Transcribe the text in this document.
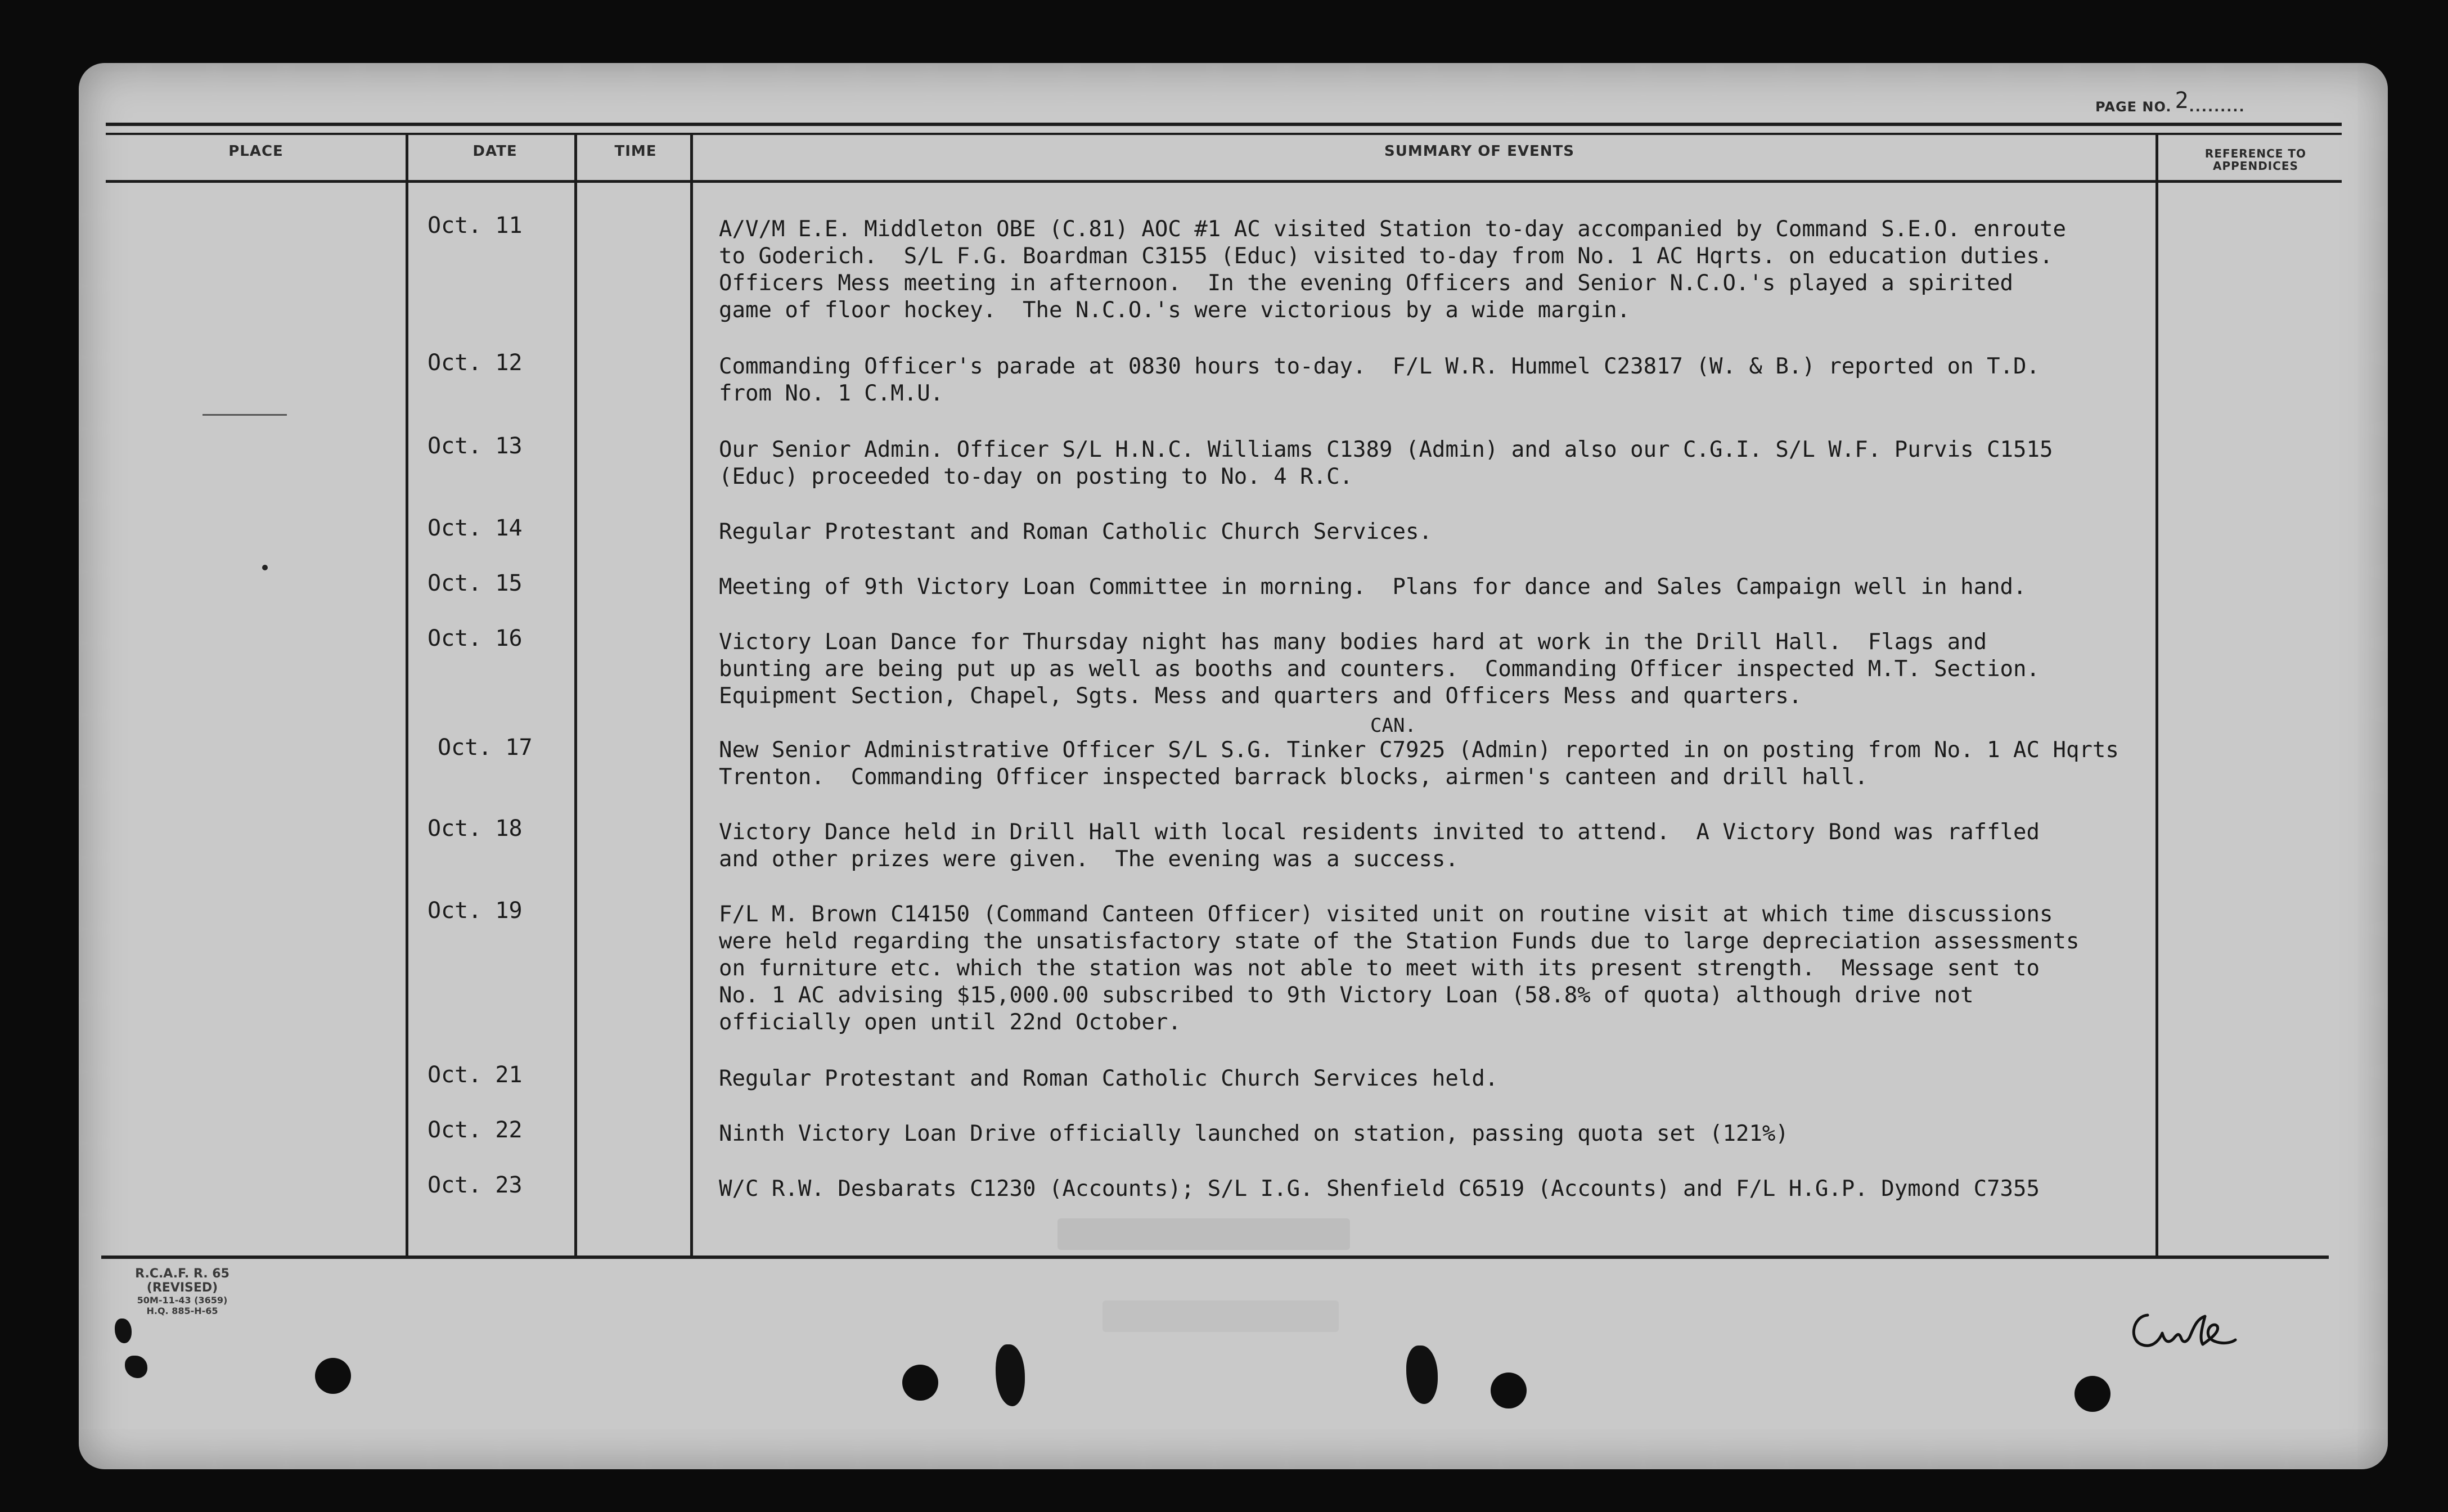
PAGE NO. 2.........
PLACE	DATE	TIME	SUMMARY OF EVENTS	REFERENCE TO
APPENDICES
Oct. 11	A/V/M E.E. Middleton OBE (C.81) AOC #1 AC visited Station to-day accompanied by Command S.E.O. enroute
to Goderich.  S/L F.G. Boardman C3155 (Educ) visited to-day from No. 1 AC Hqrts. on education duties.
Officers Mess meeting in afternoon.  In the evening Officers and Senior N.C.O.'s played a spirited
game of floor hockey.  The N.C.O.'s were victorious by a wide margin.
Oct. 12	Commanding Officer's parade at 0830 hours to-day.  F/L W.R. Hummel C23817 (W. & B.) reported on T.D.
from No. 1 C.M.U.
Oct. 13	Our Senior Admin. Officer S/L H.N.C. Williams C1389 (Admin) and also our C.G.I. S/L W.F. Purvis C1515
(Educ) proceeded to-day on posting to No. 4 R.C.
Oct. 14	Regular Protestant and Roman Catholic Church Services.
Oct. 15	Meeting of 9th Victory Loan Committee in morning.  Plans for dance and Sales Campaign well in hand.
Oct. 16	Victory Loan Dance for Thursday night has many bodies hard at work in the Drill Hall.  Flags and
bunting are being put up as well as booths and counters.  Commanding Officer inspected M.T. Section.
Equipment Section, Chapel, Sgts. Mess and quarters and Officers Mess and quarters.
CAN.
Oct. 17	New Senior Administrative Officer S/L S.G. Tinker C7925 (Admin) reported in on posting from No. 1 AC Hqrts
Trenton.  Commanding Officer inspected barrack blocks, airmen's canteen and drill hall.
Oct. 18	Victory Dance held in Drill Hall with local residents invited to attend.  A Victory Bond was raffled
and other prizes were given.  The evening was a success.
Oct. 19	F/L M. Brown C14150 (Command Canteen Officer) visited unit on routine visit at which time discussions
were held regarding the unsatisfactory state of the Station Funds due to large depreciation assessments
on furniture etc. which the station was not able to meet with its present strength.  Message sent to
No. 1 AC advising $15,000.00 subscribed to 9th Victory Loan (58.8% of quota) although drive not
officially open until 22nd October.
Oct. 21	Regular Protestant and Roman Catholic Church Services held.
Oct. 22	Ninth Victory Loan Drive officially launched on station, passing quota set (121%)
Oct. 23	W/C R.W. Desbarats C1230 (Accounts); S/L I.G. Shenfield C6519 (Accounts) and F/L H.G.P. Dymond C7355
R.C.A.F. R. 65 (REVISED)
50M-11-43 (3659)
H.Q. 885-H-65
